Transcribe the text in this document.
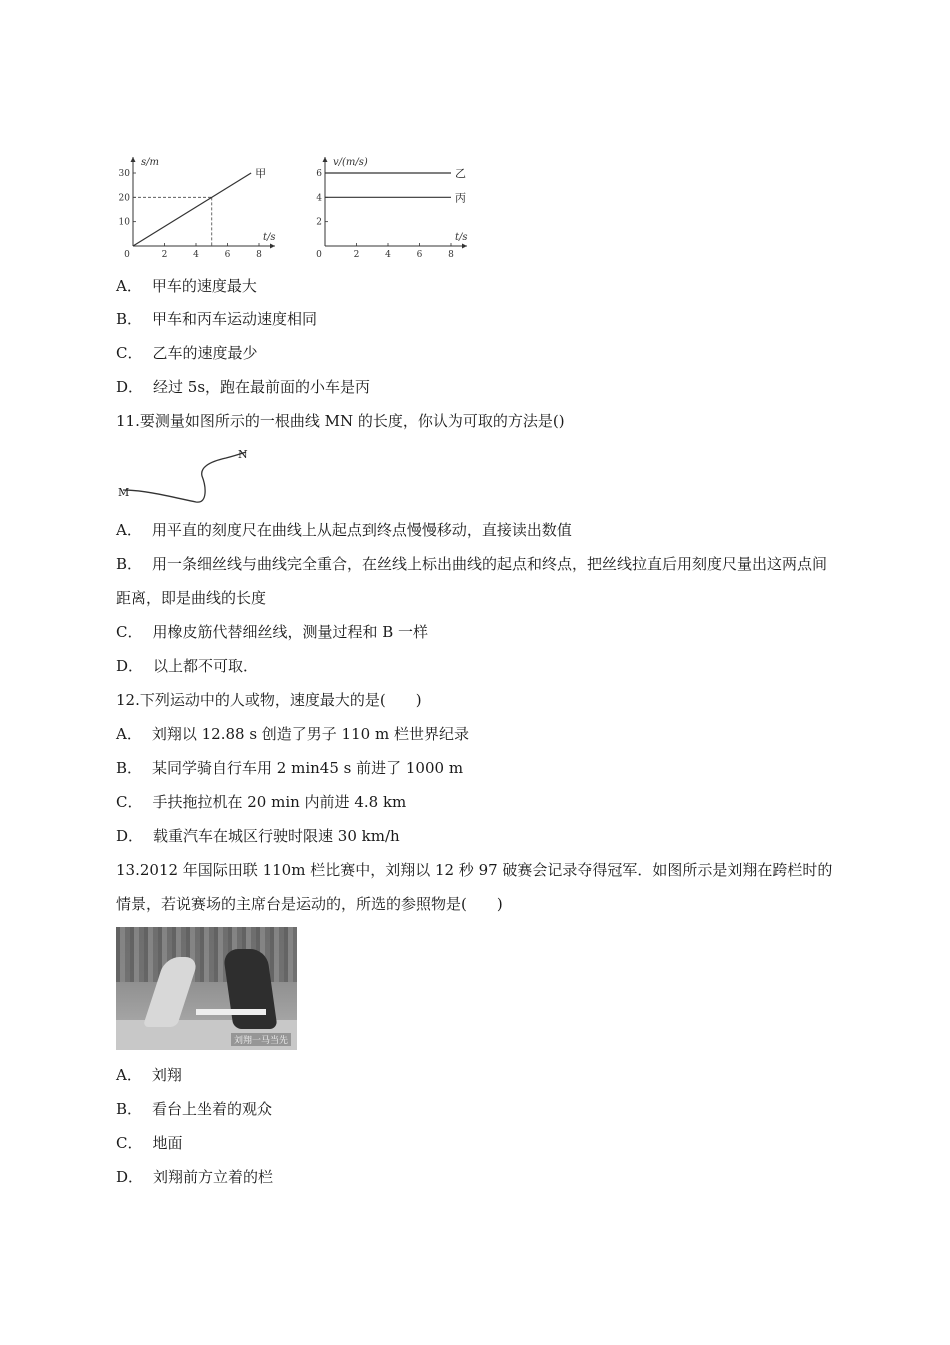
0	2	4	6	8
10
20
30
s/m
t/s
甲
0	2	4	6	8
2
4
6
v/(m/s)
t/s
乙
丙
A． 甲车的速度最大
B． 甲车和丙车运动速度相同
C． 乙车的速度最少
D． 经过 5s，跑在最前面的小车是丙
11.要测量如图所示的一根曲线 MN 的长度，你认为可取的方法是()
M
N
A． 用平直的刻度尺在曲线上从起点到终点慢慢移动，直接读出数值
B． 用一条细丝线与曲线完全重合，在丝线上标出曲线的起点和终点，把丝线拉直后用刻度尺量出这两点间距离，即是曲线的长度
C． 用橡皮筋代替细丝线，测量过程和 B 一样
D． 以上都不可取．
12.下列运动中的人或物，速度最大的是(　　)
A． 刘翔以 12.88 s 创造了男子 110 m 栏世界纪录
B． 某同学骑自行车用 2 min45 s 前进了 1000 m
C． 手扶拖拉机在 20 min 内前进 4.8 km
D． 载重汽车在城区行驶时限速 30 km/h
13.2012 年国际田联 110m 栏比赛中，刘翔以 12 秒 97 破赛会记录夺得冠军．如图所示是刘翔在跨栏时的情景，若说赛场的主席台是运动的，所选的参照物是(　　)
刘翔一马当先
A． 刘翔
B． 看台上坐着的观众
C． 地面
D． 刘翔前方立着的栏
